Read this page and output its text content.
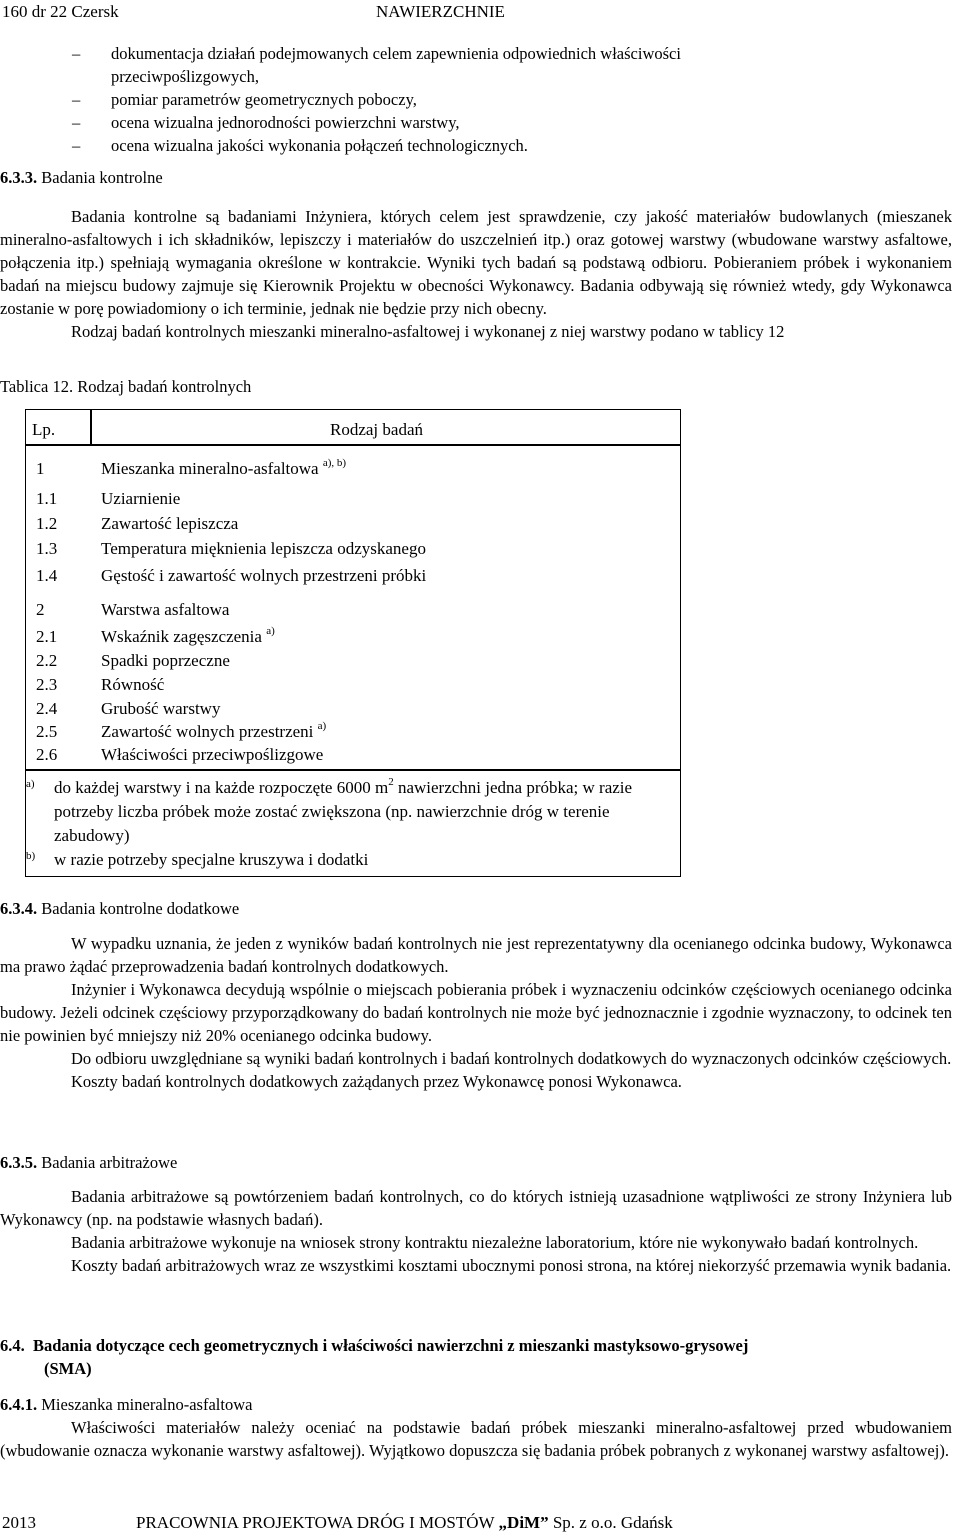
160 dr 22 Czersk	NAWIERZCHNIE
–	dokumentacja działań podejmowanych celem zapewnienia odpowiednich właściwości
przeciwpoślizgowych,
–	pomiar parametrów geometrycznych poboczy,
–	ocena wizualna jednorodności powierzchni warstwy,
–	ocena wizualna jakości wykonania połączeń technologicznych.
6.3.3. Badania kontrolne

Badania kontrolne są badaniami Inżyniera, których celem jest sprawdzenie, czy jakość materiałów budowlanych (mieszanek mineralno-asfaltowych i ich składników, lepiszczy i materiałów do uszczelnień itp.) oraz gotowej warstwy (wbudowane warstwy asfaltowe, połączenia itp.) spełniają wymagania określone w kontrakcie. Wyniki tych badań są podstawą odbioru. Pobieraniem próbek i wykonaniem badań na miejscu budowy zajmuje się Kierownik Projektu w obecności Wykonawcy. Badania odbywają się również wtedy, gdy Wykonawca zostanie w porę powiadomiony o ich terminie, jednak nie będzie przy nich obecny.

Rodzaj badań kontrolnych mieszanki mineralno-asfaltowej i wykonanej z niej warstwy podano w tablicy 12

Tablica 12. Rodzaj badań kontrolnych
Lp.	Rodzaj badań
1	Mieszanka mineralno-asfaltowa $^{a), b)}$
1.1	Uziarnienie
1.2	Zawartość lepiszcza
1.3	Temperatura mięknienia lepiszcza odzyskanego
1.4	Gęstość i zawartość wolnych przestrzeni próbki
2	Warstwa asfaltowa
2.1	Wskaźnik zagęszczenia $^{a)}$
2.2	Spadki poprzeczne
2.3	Równość
2.4	Grubość warstwy
2.5	Zawartość wolnych przestrzeni $^{a)}$
2.6	Właściwości przeciwpoślizgowe
a) do każdej warstwy i na każde rozpoczęte 6000 $m^2$ nawierzchni jedna próbka; w razie potrzeby liczba próbek może zostać zwiększona (np. nawierzchnie dróg w terenie zabudowy)
b) w razie potrzeby specjalne kruszywa i dodatki
6.3.4. Badania kontrolne dodatkowe

W wypadku uznania, że jeden z wyników badań kontrolnych nie jest reprezentatywny dla ocenianego odcinka budowy, Wykonawca ma prawo żądać przeprowadzenia badań kontrolnych dodatkowych.

Inżynier i Wykonawca decydują wspólnie o miejscach pobierania próbek i wyznaczeniu odcinków częściowych ocenianego odcinka budowy. Jeżeli odcinek częściowy przyporządkowany do badań kontrolnych nie może być jednoznacznie i zgodnie wyznaczony, to odcinek ten nie powinien być mniejszy niż 20% ocenianego odcinka budowy.

Do odbioru uwzględniane są wyniki badań kontrolnych i badań kontrolnych dodatkowych do wyznaczonych odcinków częściowych.

Koszty badań kontrolnych dodatkowych zażądanych przez Wykonawcę ponosi Wykonawca.

6.3.5. Badania arbitrażowe

Badania arbitrażowe są powtórzeniem badań kontrolnych, co do których istnieją uzasadnione wątpliwości ze strony Inżyniera lub Wykonawcy (np. na podstawie własnych badań).

Badania arbitrażowe wykonuje na wniosek strony kontraktu niezależne laboratorium, które nie wykonywało badań kontrolnych.

Koszty badań arbitrażowych wraz ze wszystkimi kosztami ubocznymi ponosi strona, na której niekorzyść przemawia wynik badania.

6.4. Badania dotyczące cech geometrycznych i właściwości nawierzchni z mieszanki mastyksowo-grysowej
(SMA)
6.4.1. Mieszanka mineralno-asfaltowa

Właściwości materiałów należy oceniać na podstawie badań próbek mieszanki mineralno-asfaltowej przed wbudowaniem (wbudowanie oznacza wykonanie warstwy asfaltowej). Wyjątkowo dopuszcza się badania próbek pobranych z wykonanej warstwy asfaltowej).

2013	PRACOWNIA PROJEKTOWA DRÓG I MOSTÓW „DiM” Sp. z o.o. Gdańsk
